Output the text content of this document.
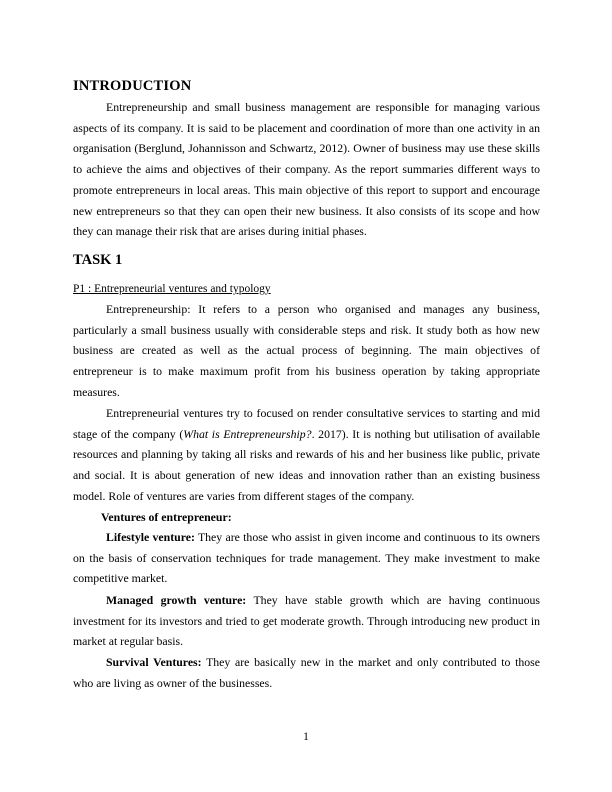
INTRODUCTION

Entrepreneurship and small business management are responsible for managing various aspects of its company. It is said to be placement and coordination of more than one activity in an organisation (Berglund, Johannisson and Schwartz, 2012). Owner of business may use these skills to achieve the aims and objectives of their company. As the report summaries different ways to promote entrepreneurs in local areas. This main objective of this report to support and encourage new entrepreneurs so that they can open their new business. It also consists of its scope and how they can manage their risk that are arises during initial phases.

TASK 1

P1 : Entrepreneurial ventures and typology

Entrepreneurship: It refers to a person who organised and manages any business, particularly a small business usually with considerable steps and risk. It study both as how new business are created as well as the actual process of beginning. The main objectives of entrepreneur is to make maximum profit from his business operation by taking appropriate measures.

Entrepreneurial ventures try to focused on render consultative services to starting and mid stage of the company (What is Entrepreneurship?. 2017). It is nothing but utilisation of available resources and planning by taking all risks and rewards of his and her business like public, private and social. It is about generation of new ideas and innovation rather than an existing business model. Role of ventures are varies from different stages of the company.

Ventures of entrepreneur:

Lifestyle venture: They are those who assist in given income and continuous to its owners on the basis of conservation techniques for trade management. They make investment to make competitive market.

Managed growth venture: They have stable growth which are having continuous investment for its investors and tried to get moderate growth. Through introducing new product in market at regular basis.

Survival Ventures: They are basically new in the market and only contributed to those who are living as owner of the businesses.

1
